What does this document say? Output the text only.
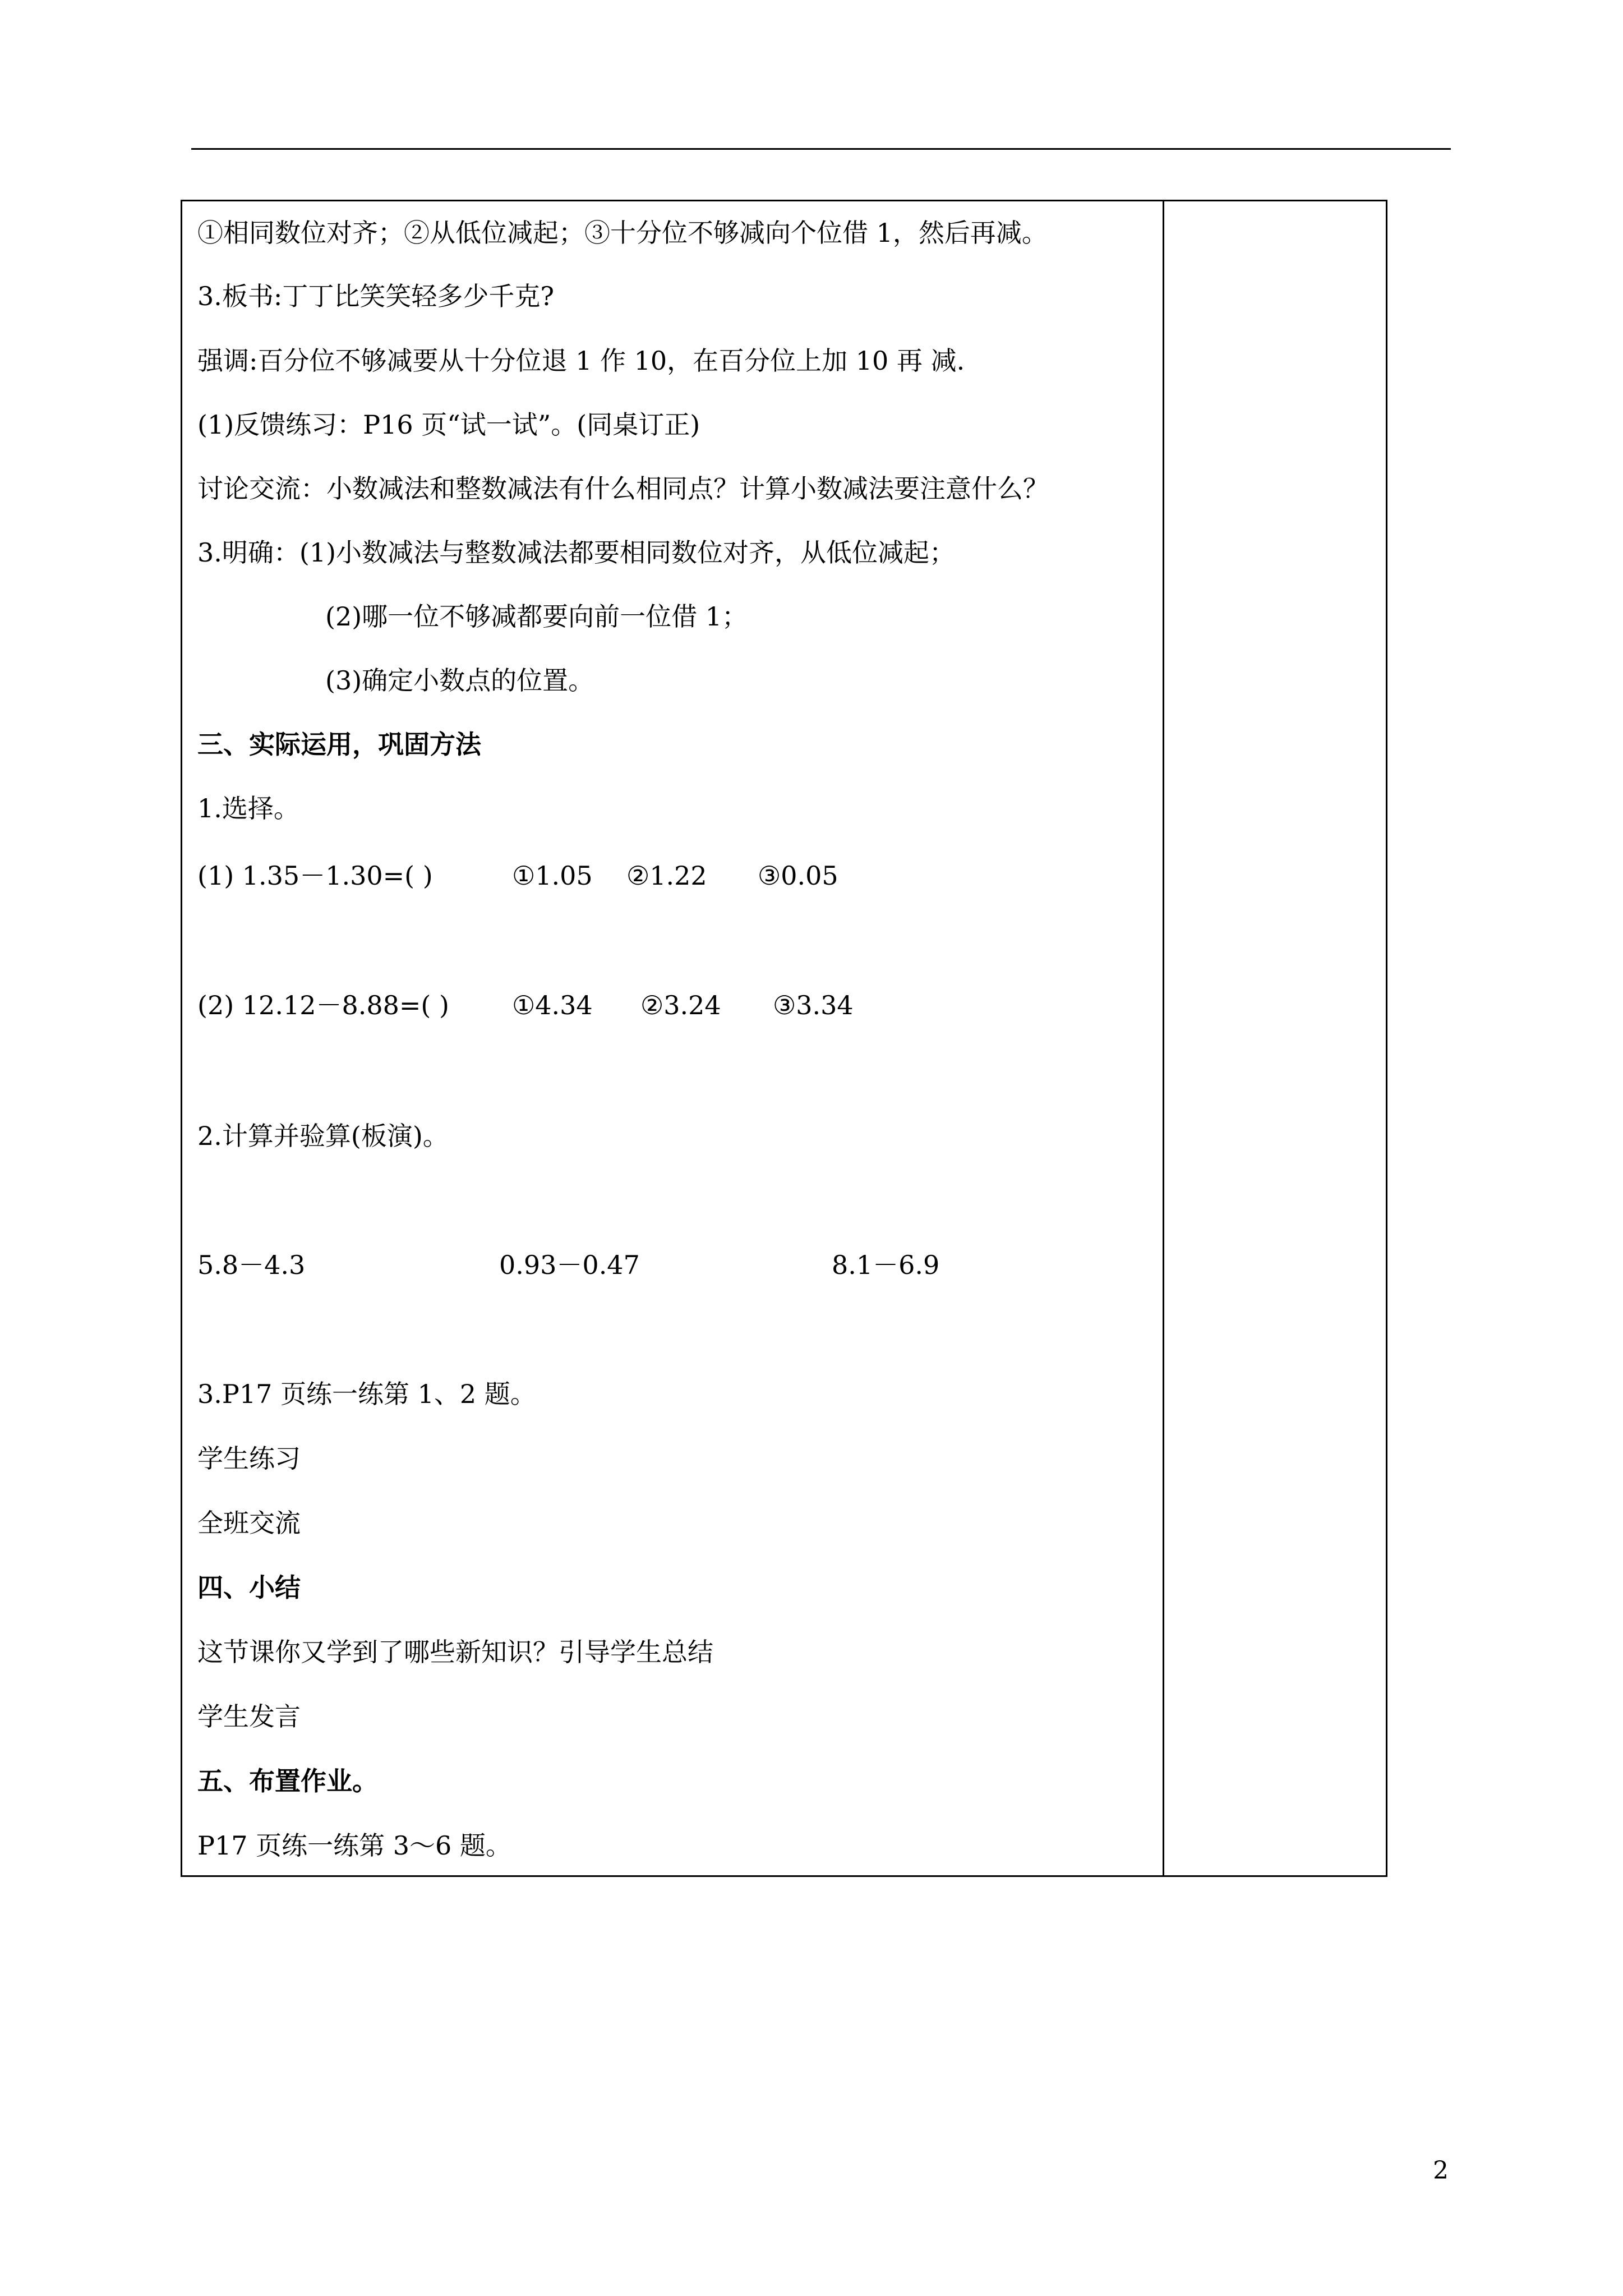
①相同数位对齐；②从低位减起；③十分位不够减向个位借 1，然后再减。
3.板书:丁丁比笑笑轻多少千克?
强调:百分位不够减要从十分位退 1 作 10，在百分位上加 10 再 减.
(1)反馈练习：P16 页“试一试”。(同桌订正)
讨论交流：小数减法和整数减法有什么相同点？计算小数减法要注意什么？
3.明确：(1)小数减法与整数减法都要相同数位对齐，从低位减起；
(2)哪一位不够减都要向前一位借 1；
(3)确定小数点的位置。
三、实际运用，巩固方法
1.选择。
(1) 1.35－1.30=( )	①1.05 ②1.22 ③0.05
(2) 12.12－8.88=( ) ①4.34 ②3.24 ③3.34
2.计算并验算(板演)。
5.8－4.3	0.93－0.47	8.1－6.9
3.P17 页练一练第 1、2 题。
学生练习
全班交流
四、小结
这节课你又学到了哪些新知识？引导学生总结
学生发言
五、布置作业。
P17 页练一练第 3～6 题。
2
